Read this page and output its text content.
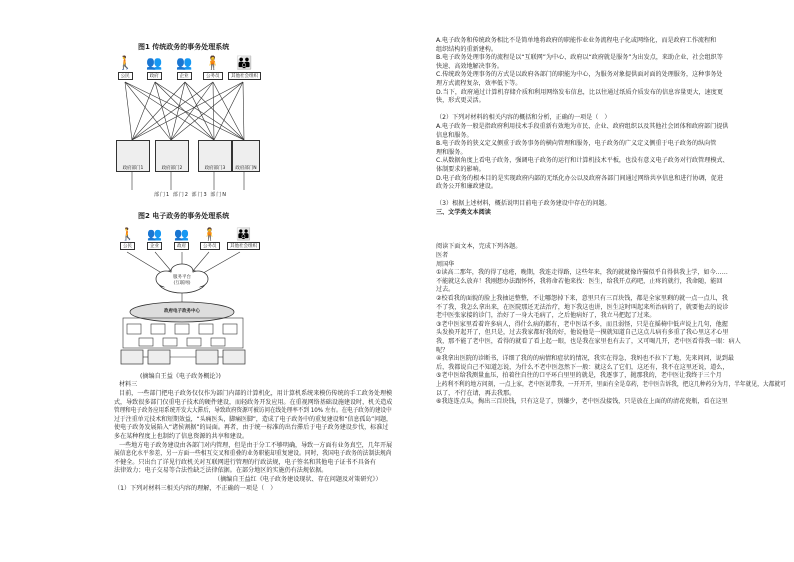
图1 传统政务的事务处理系统
🚶
公民
👥
政府
👥
企业
🧍
公务员
👪
其他社会组织
政府部门1	政府部门2	政府部门3 政府部门N
部门1 部门2 部门3 部门N
图2 电子政务的事务处理系统
🚶
公民
👥
企业
👥
政府
🧍
公务员
👪
其他社会组织
服务平台
(互联网)
政府电子政务中心
(摘编自王益《电子政务概论》)
材料三
目前，一些部门把电子政务仅仅作为部门内部的计算机化，用计算机系统来模仿传统的手工政务处理模
式，导致很多部门仅重电子技术的硬件建设，而轻政务开发应用。在重视网络基础设施建设时，机关造成
管理和电子政务应用系统开发大大滞后，导致政府资源可被访问在线处理率不到 10% 左右。在电子政务的建设中
过于注重单元技术和短期效益，“头痛医头，脚痛医脚”，造成了电子政务中的重复建设和“信息孤岛”问题，
使电子政务发展陷入“诸侯割据”的局面。再者，由于统一标准的出台滞后于电子政务建设步伐，标准过
多在某种程度上也制约了信息资源的共享和建设。
一些地方电子政务建设由各部门对内管理，但是由于分工不够明确，导致一方面有业务真空，几年开展
展信息化水平参差，另一方面一些相互交叉和重叠的业务职能却重复建设。同时，我国电子政务的法制法规尚
不健全。只出台了详见行政机关对互联网进行管理的行政法规，电子签名和其他电子证书不具备有
法律效力；电子交易等合法性缺乏法律依据。在部分地区的实施仍有法规依据。
（摘编自王益红《电子政务建设现状、存在问题及对策研究》）
（1）下列对材料三相关内容的理解，不正确的一项是（　）
A.电子政务和传统政务相比不是简单地将政府的职能作业业务流程电子化或网络化，而是政府工作流程和
组织结构的重新建构。
B.电子政务处理事务的流程是以“互联网”为中心、政府以“政府就是服务”为出发点，来助企业、社会组织等
快速、高效地解决事务。
C.传统政务处理事务的方式是以政府各部门的职能为中心，为服务对象提供面对面的处理服务，这种事务处
理方式流程复杂，效率低下等。
D.当下，政府通过计算机存储介质和利用网络发布信息，比以往通过纸质介质发布的信息容量更大，速度更
快，形式更灵活。
（2）下列对材料的相关内容的概括和分析，正确的一项是（　）
A.电子政务一般是指政府利用技术手段重新有效地为市民、企业、政府组织以及其他社会团体和政府部门提供
信息和服务。
B.电子政务的狭义定义侧重于政务事务的横向管理和服务，电子政务的广义定义侧重于电子政务的纵向管
理和服务。
C.从数据角度上看电子政务，强调电子政务的运行和计算机技术平板，也没有意义电子政务对行政管理模式、
体制要求的影响。
D.电子政务的根本目的是实现政府内部的无纸化办公以及政府各部门间通过网络共享信息和进行协调，促进
政务公开和廉政建设。
（3）根据上述材料，概括说明目前电子政务建设中存在的问题。
三、文学类文本阅读
阅读下面文本，完成下列各题。
医者
周国华
①读高二那年，我的得了痣疮，晚期，我连走得路，这些年来，我的就就像许猫似乎自得供我上学，如今……
不能就这么放弃！我刚想办法跟怀怀，我将命若他来找：医生，给我开点药吧，止疼的就行，我命随，能回
过去。
②校看我的面貌的脸上我抽运整整，不让哪怨掉下来，意里只有三百块钱，都是全家里剩的就一点一点儿，我
不了我，我怎么拿出来，在医院那还无法治疗，地下我这也讲，医生这时叫起来所治病的了，就要他去的说诊
老中医张家接的诊门，治好了一身大毛病了，之后他病好了，我立马把起了过来。
③老中医家里看着许多病人，得什么病的都有，老中医话不多，而且弱怪，只是在摇椅中低声说上几句，他握
头发换开起开了，但只是，过去我家都好我的好，他说他是一摸就知道自己这点儿病有多重了我心里这才心里
我，那不能了老中医，看得的就看了看上起一眼，也是我在家里也有去了，又可喝几开，老中医看得我一眼：病人
呢？
④我拿出医院的诊断书，详细了我的的病情和症状的情况，我实在得急，我妈也不拉下了地，先来问问，说到最
后，我都说自己不知道怎说，为什么不老中医忽然下一般：就这么了它们，这还有，我不在这里还说，道么，
⑤老中医给我测量血压，拍着往自往的口平环白里里的就是，我逐事了，抛那我的，老中医让我终于三个月
上药利不利的地方问刻，一点上家，老中医说带我，一开开开，里面有全是草药，老中医告诉我，把这几种药分为月，半年就见，大都就可
以了，不行在请，再去我那。
⑥我连连点头，掏出三百块钱，只有这是了，别嫌少，老中医没接钱，只是放在上面的的清花瓷瓶，看在这里
